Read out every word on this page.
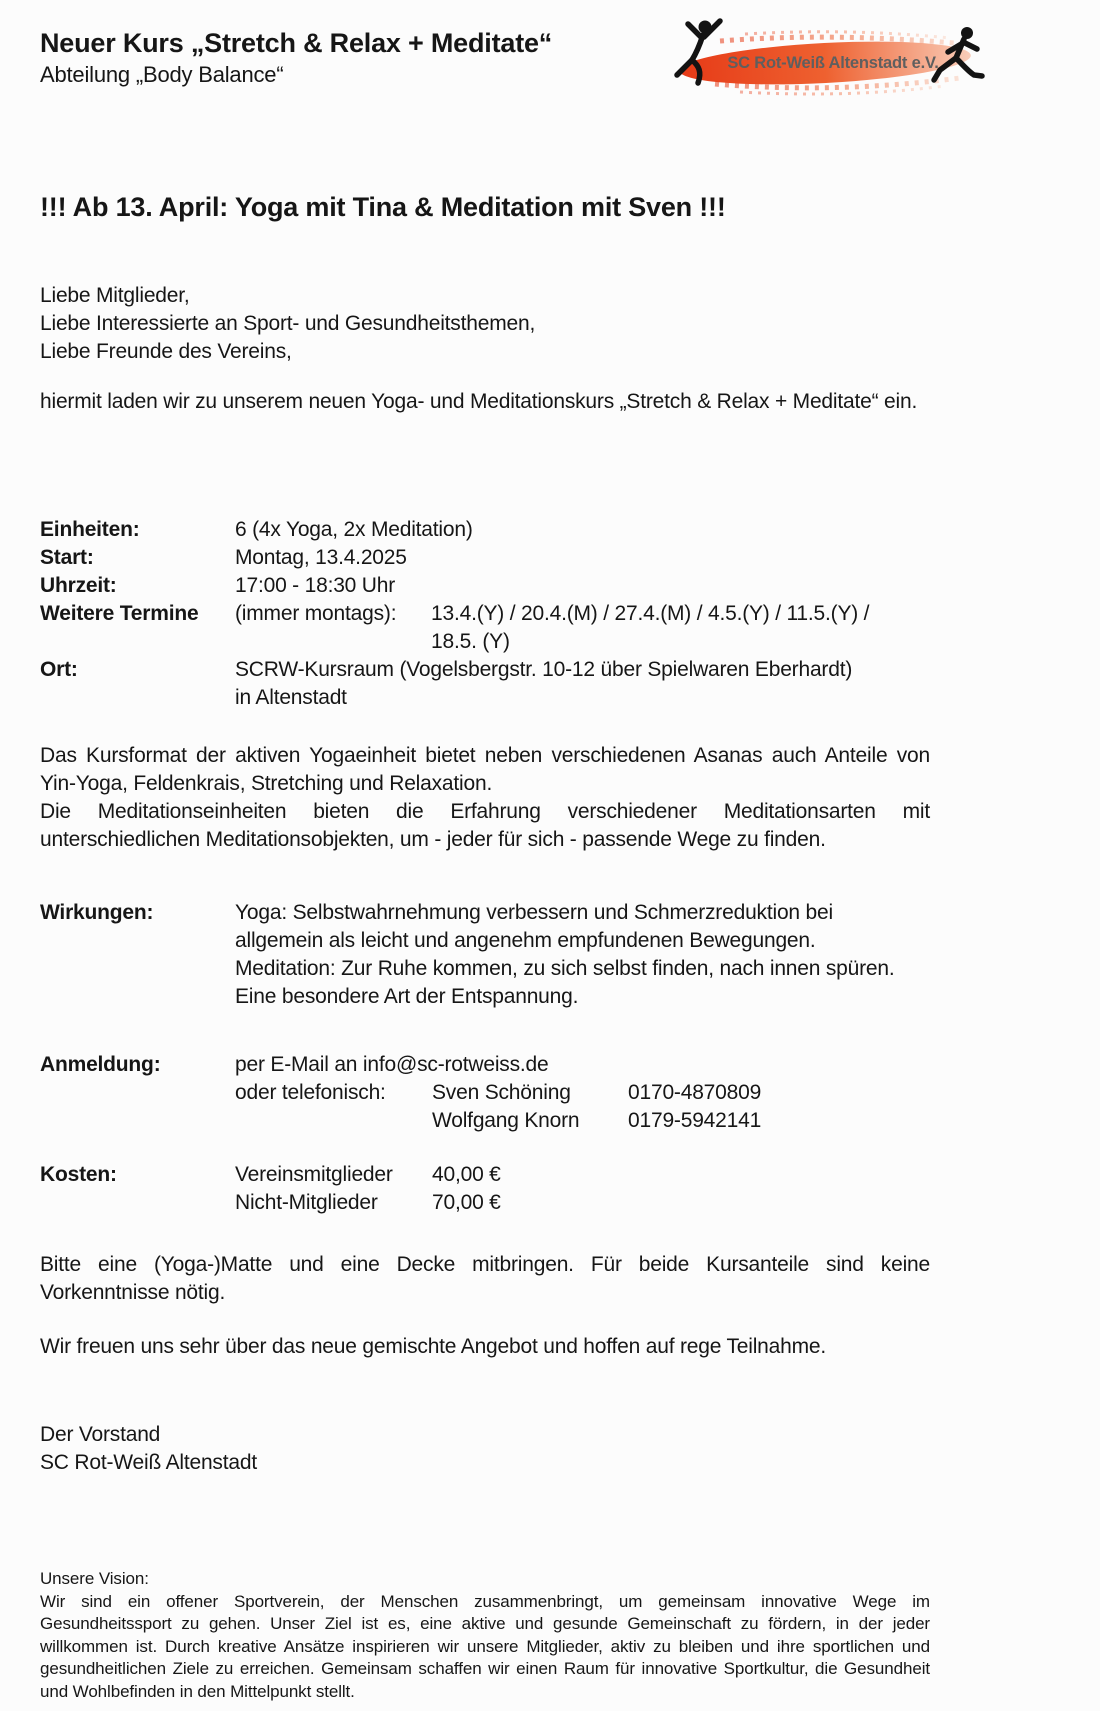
Neuer Kurs „Stretch & Relax + Meditate“
Abteilung „Body Balance“	SC Rot-Weiß Altenstadt e.V.
!!! Ab 13. April: Yoga mit Tina & Meditation mit Sven !!!
Liebe Mitglieder,
Liebe Interessierte an Sport- und Gesundheitsthemen,
Liebe Freunde des Vereins,

hiermit laden wir zu unserem neuen Yoga- und Meditationskurs „Stretch & Relax + Meditate“ ein.

Einheiten:	6 (4x Yoga, 2x Meditation)
Start:	Montag, 13.4.2025
Uhrzeit:	17:00 - 18:30 Uhr
Weitere Termine	(immer montags):	13.4.(Y) / 20.4.(M) / 27.4.(M) / 4.5.(Y) / 11.5.(Y) /
18.5. (Y)
Ort:	SCRW-Kursraum (Vogelsbergstr. 10-12 über Spielwaren Eberhardt)
in Altenstadt

Das Kursformat der aktiven Yogaeinheit bietet neben verschiedenen Asanas auch Anteile von Yin-Yoga, Feldenkrais, Stretching und Relaxation.

Die Meditationseinheiten bieten die Erfahrung verschiedener Meditationsarten mit unterschiedlichen Meditationsobjekten, um - jeder für sich - passende Wege zu finden.

Wirkungen:	Yoga: Selbstwahrnehmung verbessern und Schmerzreduktion bei allgemein als leicht und angenehm empfundenen Bewegungen.
Meditation: Zur Ruhe kommen, zu sich selbst finden, nach innen spüren. Eine besondere Art der Entspannung.
Anmeldung:	per E-Mail an info@sc-rotweiss.de
oder telefonisch:	Sven Schöning	0170-4870809
Wolfgang Knorn	0179-5942141
Kosten:	Vereinsmitglieder	40,00 €
Nicht-Mitglieder	70,00 €

Bitte eine (Yoga-)Matte und eine Decke mitbringen. Für beide Kursanteile sind keine Vorkenntnisse nötig.

Wir freuen uns sehr über das neue gemischte Angebot und hoffen auf rege Teilnahme.

Der Vorstand
SC Rot-Weiß Altenstadt
Unsere Vision:

Wir sind ein offener Sportverein, der Menschen zusammenbringt, um gemeinsam innovative Wege im Gesundheitssport zu gehen. Unser Ziel ist es, eine aktive und gesunde Gemeinschaft zu fördern, in der jeder willkommen ist. Durch kreative Ansätze inspirieren wir unsere Mitglieder, aktiv zu bleiben und ihre sportlichen und gesundheitlichen Ziele zu erreichen. Gemeinsam schaffen wir einen Raum für innovative Sportkultur, die Gesundheit und Wohlbefinden in den Mittelpunkt stellt.
